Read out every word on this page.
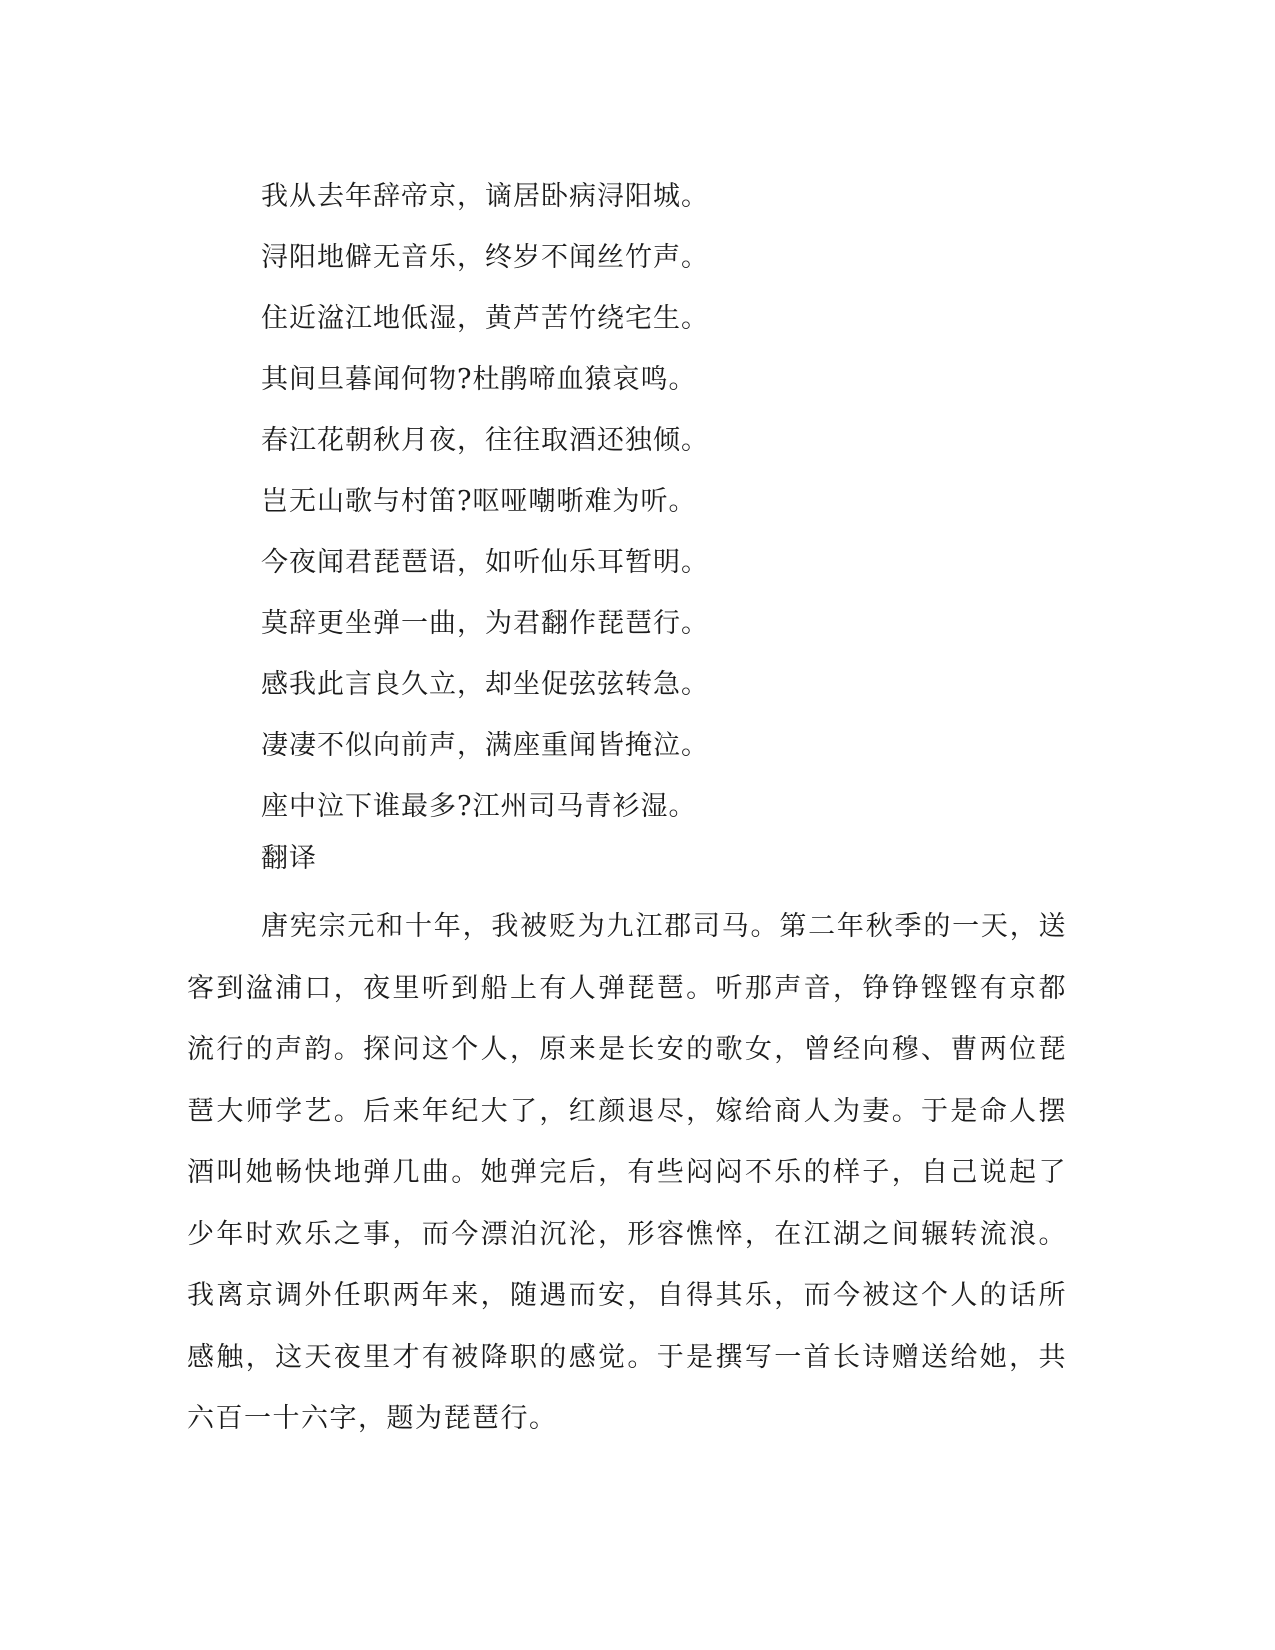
我从去年辞帝京，谪居卧病浔阳城。
浔阳地僻无音乐，终岁不闻丝竹声。
住近湓江地低湿，黄芦苦竹绕宅生。
其间旦暮闻何物?杜鹃啼血猿哀鸣。
春江花朝秋月夜，往往取酒还独倾。
岂无山歌与村笛?呕哑嘲哳难为听。
今夜闻君琵琶语，如听仙乐耳暂明。
莫辞更坐弹一曲，为君翻作琵琶行。
感我此言良久立，却坐促弦弦转急。
凄凄不似向前声，满座重闻皆掩泣。
座中泣下谁最多?江州司马青衫湿。
翻译

唐宪宗元和十年，我被贬为九江郡司马。第二年秋季的一天，送客到湓浦口，夜里听到船上有人弹琵琶。听那声音，铮铮铿铿有京都流行的声韵。探问这个人，原来是长安的歌女，曾经向穆、曹两位琵琶大师学艺。后来年纪大了，红颜退尽，嫁给商人为妻。于是命人摆酒叫她畅快地弹几曲。她弹完后，有些闷闷不乐的样子，自己说起了少年时欢乐之事，而今漂泊沉沦，形容憔悴，在江湖之间辗转流浪。我离京调外任职两年来，随遇而安，自得其乐，而今被这个人的话所感触，这天夜里才有被降职的感觉。于是撰写一首长诗赠送给她，共六百一十六字，题为琵琶行。
